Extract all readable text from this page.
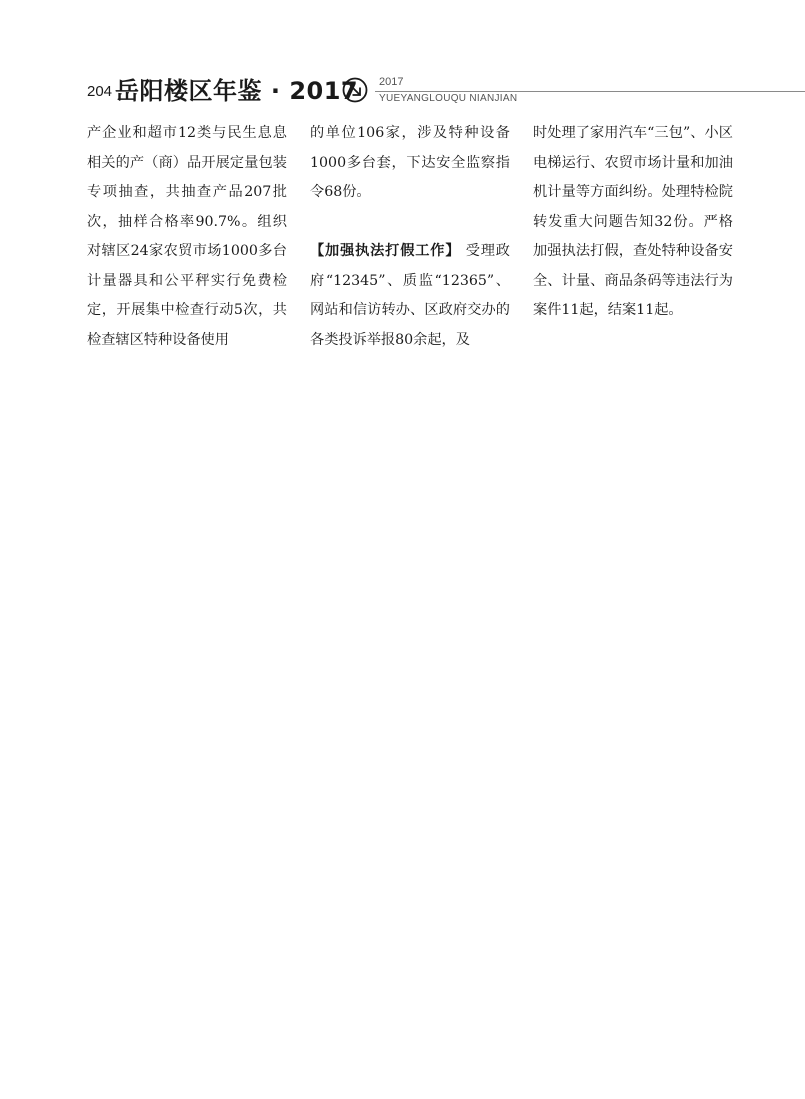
204 岳阳楼区年鉴 · 2017 2017
YUEYANGLOUQU NIANJIAN

产企业和超市12类与民生息息相关的产（商）品开展定量包装专项抽查，共抽查产品207批次，抽样合格率90.7%。组织对辖区24家农贸市场1000多台计量器具和公平秤实行免费检定，开展集中检查行动5次，共检查辖区特种设备使用

的单位106家，涉及特种设备1000多台套，下达安全监察指令68份。

【加强执法打假工作】 受理政府“12345”、质监“12365”、网站和信访转办、区政府交办的各类投诉举报80余起，及

时处理了家用汽车“三包”、小区电梯运行、农贸市场计量和加油机计量等方面纠纷。处理特检院转发重大问题告知32份。严格加强执法打假，查处特种设备安全、计量、商品条码等违法行为案件11起，结案11起。
